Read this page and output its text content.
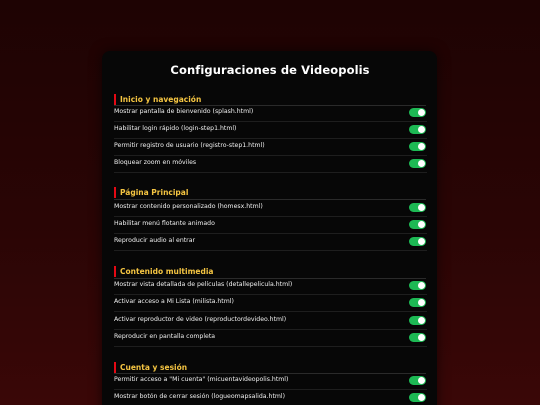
Configuraciones de Videopolis
Inicio y navegación
Mostrar pantalla de bienvenido (splash.html)
Habilitar login rápido (login-step1.html)
Permitir registro de usuario (registro-step1.html)
Bloquear zoom en móviles
Página Principal
Mostrar contenido personalizado (homesx.html)
Habilitar menú flotante animado
Reproducir audio al entrar
Contenido multimedia
Mostrar vista detallada de películas (detallepelicula.html)
Activar acceso a Mi Lista (milista.html)
Activar reproductor de video (reproductordevideo.html)
Reproducir en pantalla completa
Cuenta y sesión
Permitir acceso a "Mi cuenta" (micuentavideopolis.html)
Mostrar botón de cerrar sesión (logueomapsalida.html)
